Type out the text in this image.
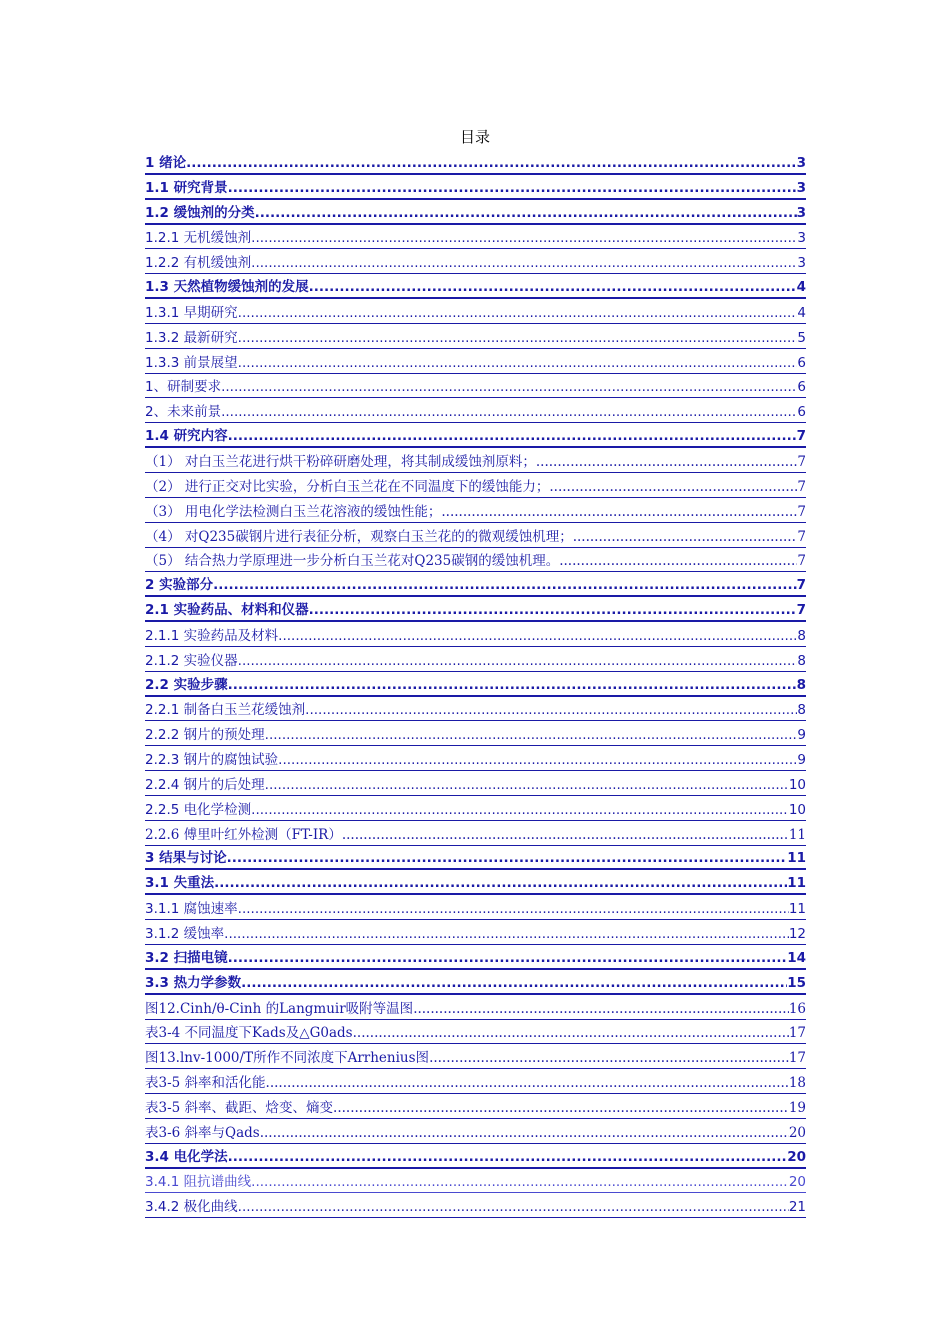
目录
1 绪论 .....	3
1.1 研究背景 .....	3
1.2 缓蚀剂的分类 .....	3
1.2.1 无机缓蚀剂 .....	3
1.2.2 有机缓蚀剂 .....	3
1.3 天然植物缓蚀剂的发展 .....	4
1.3.1 早期研究 .....	4
1.3.2 最新研究 .....	5
1.3.3 前景展望 .....	6
1、研制要求 .....	6
2、未来前景 .....	6
1.4 研究内容 .....	7
（1） 对白玉兰花进行烘干粉碎研磨处理，将其制成缓蚀剂原料； .....	7
（2） 进行正交对比实验，分析白玉兰花在不同温度下的缓蚀能力； .....	7
（3） 用电化学法检测白玉兰花溶液的缓蚀性能； .....	7
（4） 对Q235碳钢片进行表征分析，观察白玉兰花的的微观缓蚀机理； .....	7
（5） 结合热力学原理进一步分析白玉兰花对Q235碳钢的缓蚀机理。 .....	7
2 实验部分 .....	7
2.1 实验药品、材料和仪器 .....	7
2.1.1 实验药品及材料 .....	8
2.1.2 实验仪器 .....	8
2.2 实验步骤 .....	8
2.2.1 制备白玉兰花缓蚀剂 .....	8
2.2.2 钢片的预处理 .....	9
2.2.3 钢片的腐蚀试验 .....	9
2.2.4 钢片的后处理 .....	10
2.2.5 电化学检测 .....	10
2.2.6 傅里叶红外检测（FT-IR） .....	11
3 结果与讨论 .....	11
3.1 失重法 .....	11
3.1.1 腐蚀速率 .....	11
3.1.2 缓蚀率 .....	12
3.2 扫描电镜 .....	14
3.3 热力学参数 .....	15
图12.Cinh/θ-Cinh 的Langmuir吸附等温图 .....	16
表3-4 不同温度下Kads及△G0ads .....	17
图13.lnv-1000/T所作不同浓度下Arrhenius图 .....	17
表3-5 斜率和活化能 .....	18
表3-5 斜率、截距、焓变、熵变 .....	19
表3-6 斜率与Qads .....	20
3.4 电化学法 .....	20
3.4.1 阻抗谱曲线 .....	20
3.4.2 极化曲线 .....	21
